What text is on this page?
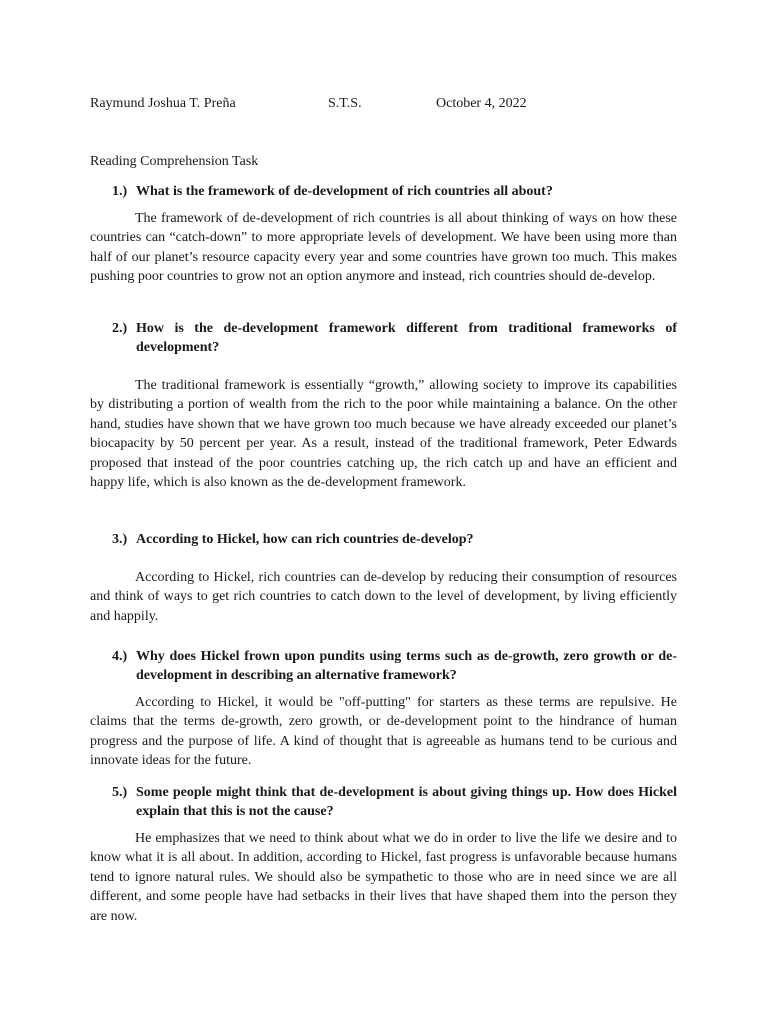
Raymund Joshua T. Preña	S.T.S.	October 4, 2022
Reading Comprehension Task
1.) What is the framework of de-development of rich countries all about?

The framework of de-development of rich countries is all about thinking of ways on how these countries can “catch-down” to more appropriate levels of development. We have been using more than half of our planet’s resource capacity every year and some countries have grown too much. This makes pushing poor countries to grow not an option anymore and instead, rich countries should de-develop.

2.) How is the de-development framework different from traditional frameworks of development?

The traditional framework is essentially “growth,” allowing society to improve its capabilities by distributing a portion of wealth from the rich to the poor while maintaining a balance. On the other hand, studies have shown that we have grown too much because we have already exceeded our planet’s biocapacity by 50 percent per year. As a result, instead of the traditional framework, Peter Edwards proposed that instead of the poor countries catching up, the rich catch up and have an efficient and happy life, which is also known as the de-development framework.

3.) According to Hickel, how can rich countries de-develop?

According to Hickel, rich countries can de-develop by reducing their consumption of resources and think of ways to get rich countries to catch down to the level of development, by living efficiently and happily.

4.) Why does Hickel frown upon pundits using terms such as de-growth, zero growth or de-development in describing an alternative framework?

According to Hickel, it would be "off-putting" for starters as these terms are repulsive. He claims that the terms de-growth, zero growth, or de-development point to the hindrance of human progress and the purpose of life. A kind of thought that is agreeable as humans tend to be curious and innovate ideas for the future.

5.) Some people might think that de-development is about giving things up. How does Hickel explain that this is not the cause?

He emphasizes that we need to think about what we do in order to live the life we desire and to know what it is all about. In addition, according to Hickel, fast progress is unfavorable because humans tend to ignore natural rules. We should also be sympathetic to those who are in need since we are all different, and some people have had setbacks in their lives that have shaped them into the person they are now.
